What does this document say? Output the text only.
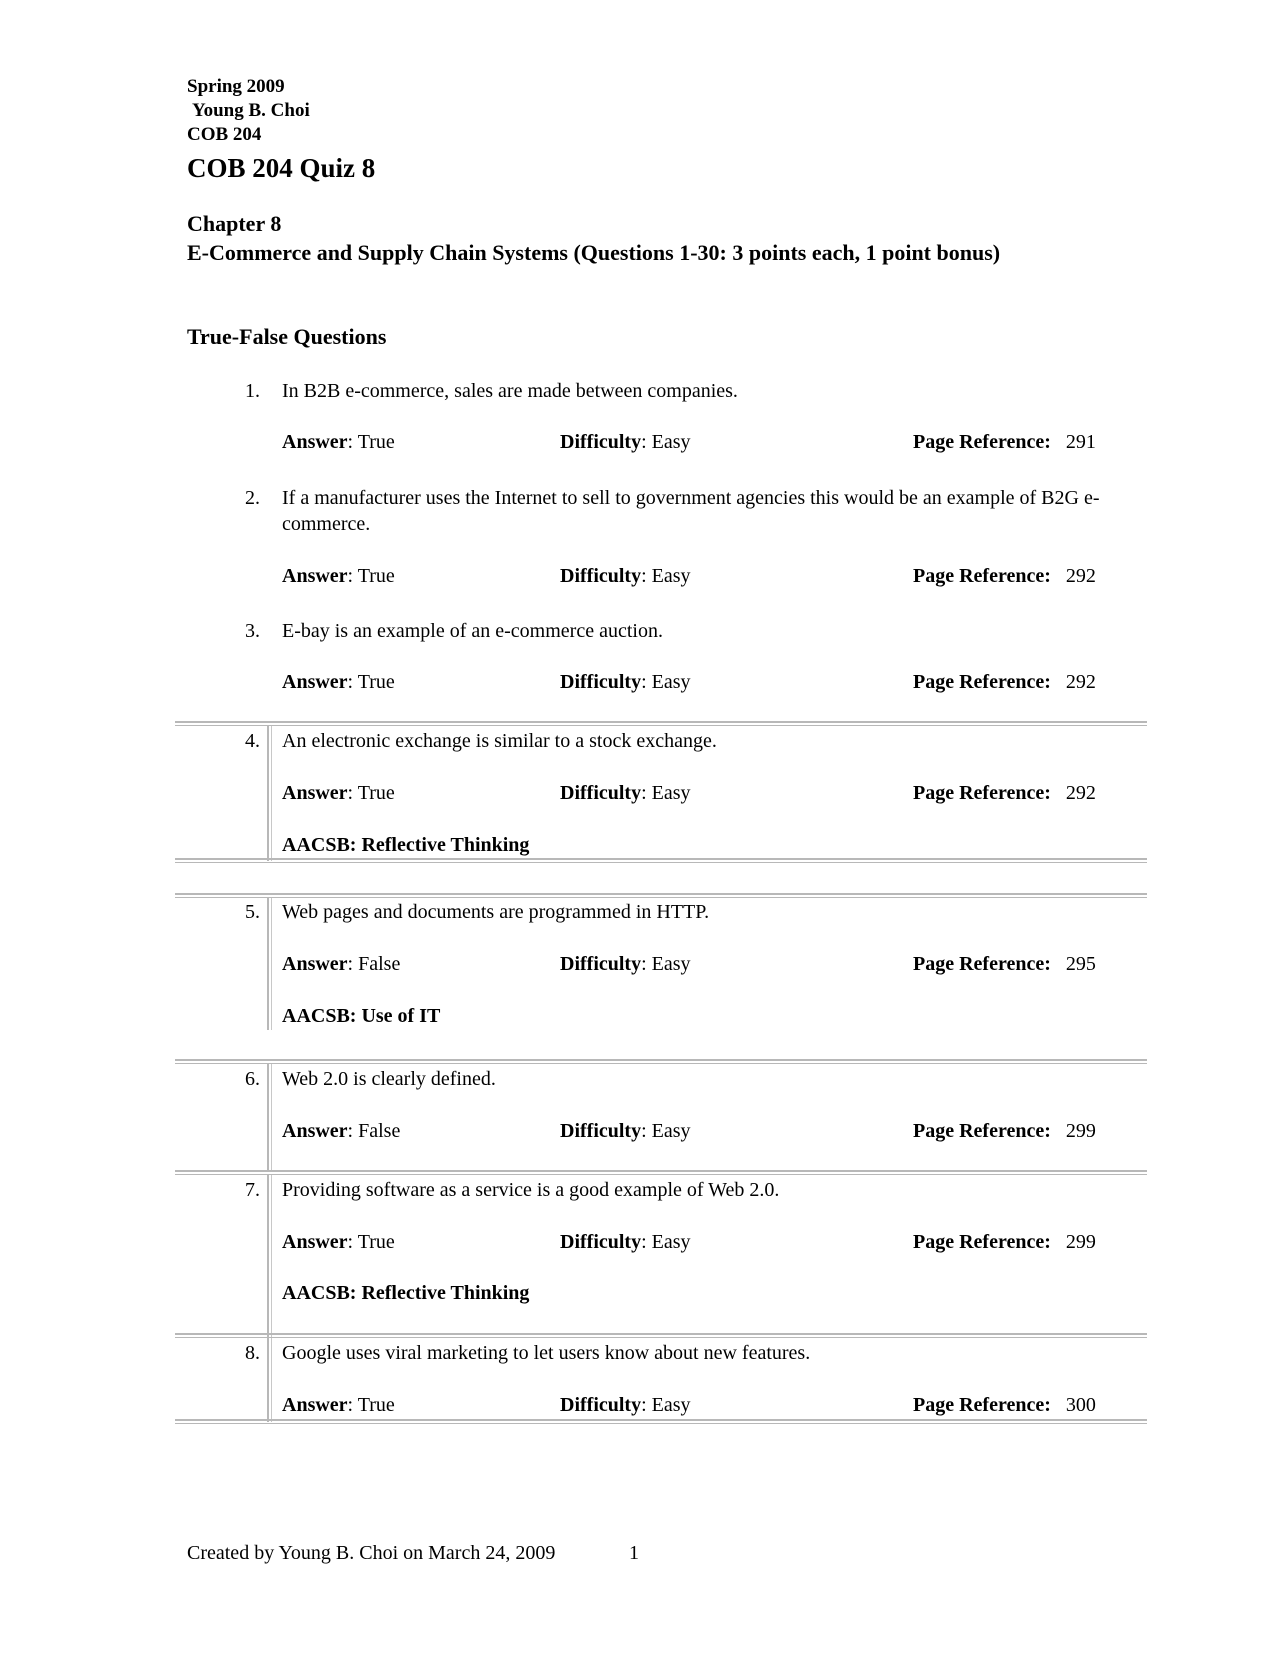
Spring 2009
Young B. Choi
COB 204
COB 204 Quiz 8
Chapter 8
E-Commerce and Supply Chain Systems (Questions 1-30: 3 points each, 1 point bonus)
True-False Questions
1. In B2B e-commerce, sales are made between companies.
Answer: True	Difficulty: Easy	Page Reference: 291
2. If a manufacturer uses the Internet to sell to government agencies this would be an example of B2G e-commerce.
Answer: True	Difficulty: Easy	Page Reference: 292
3. E-bay is an example of an e-commerce auction.
Answer: True	Difficulty: Easy	Page Reference: 292
4. An electronic exchange is similar to a stock exchange.
Answer: True	Difficulty: Easy	Page Reference: 292
AACSB: Reflective Thinking
5. Web pages and documents are programmed in HTTP.
Answer: False	Difficulty: Easy	Page Reference: 295
AACSB: Use of IT
6. Web 2.0 is clearly defined.
Answer: False	Difficulty: Easy	Page Reference: 299
7. Providing software as a service is a good example of Web 2.0.
Answer: True	Difficulty: Easy	Page Reference: 299
AACSB: Reflective Thinking
8. Google uses viral marketing to let users know about new features.
Answer: True	Difficulty: Easy	Page Reference: 300
Created by Young B. Choi on March 24, 2009	1
